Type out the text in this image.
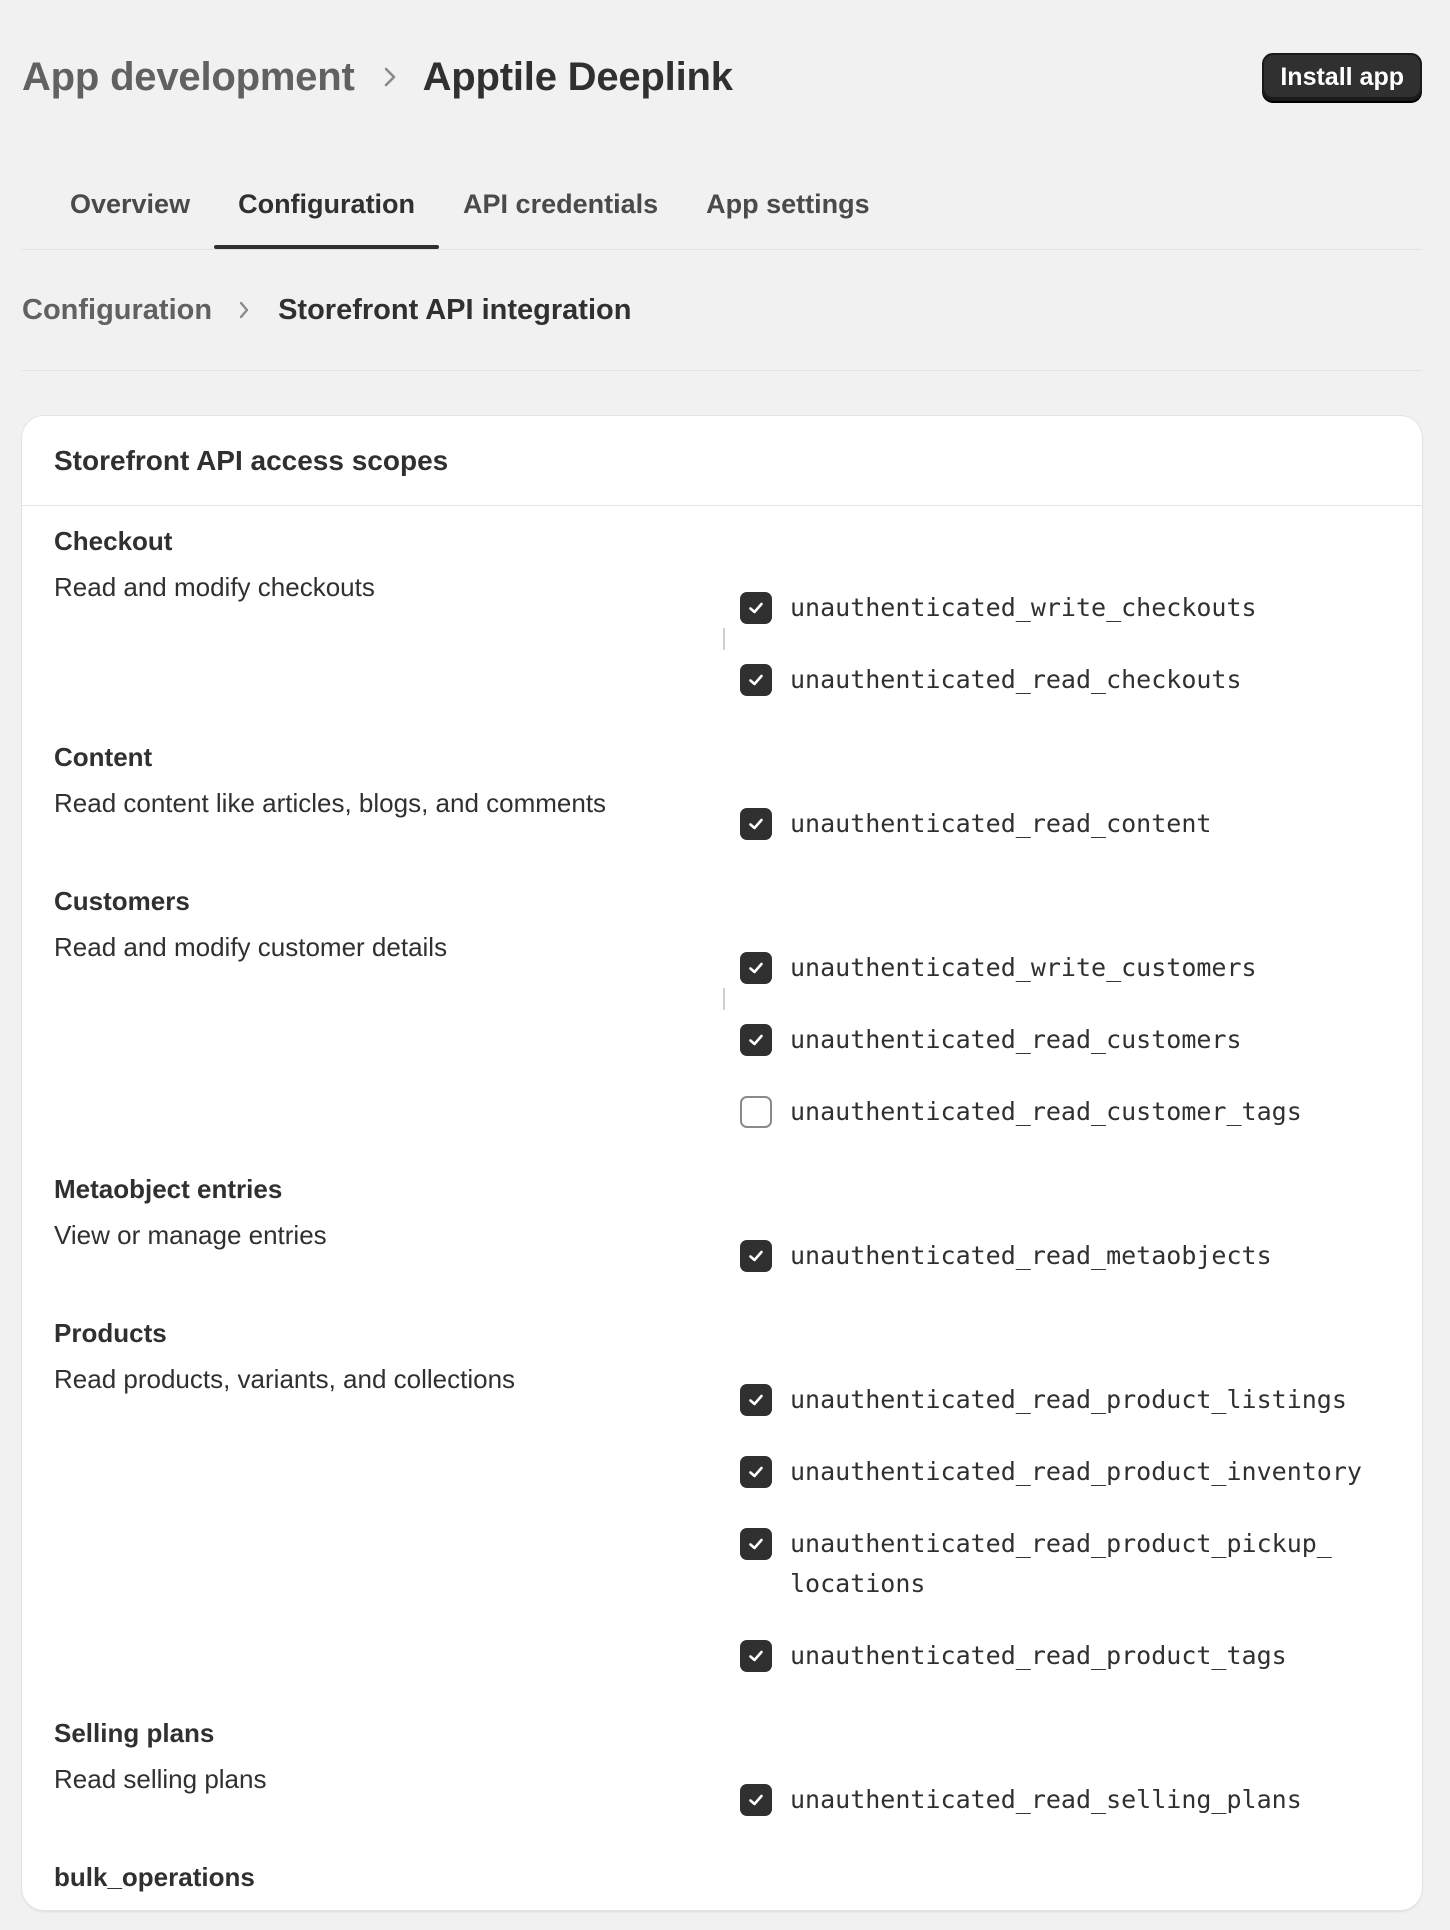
App development Apptile Deeplink	Install app
Overview	Configuration	API credentials	App settings
Configuration Storefront API integration
Storefront API access scopes
Checkout
Read and modify checkouts
unauthenticated_write_checkouts
unauthenticated_read_checkouts
Content
Read content like articles, blogs, and comments
unauthenticated_read_content
Customers
Read and modify customer details
unauthenticated_write_customers
unauthenticated_read_customers
unauthenticated_read_customer_tags
Metaobject entries
View or manage entries
unauthenticated_read_metaobjects
Products
Read products, variants, and collections
unauthenticated_read_product_listings
unauthenticated_read_product_inventory
unauthenticated_read_product_pickup_
locations
unauthenticated_read_product_tags
Selling plans
Read selling plans
unauthenticated_read_selling_plans
bulk_operations
